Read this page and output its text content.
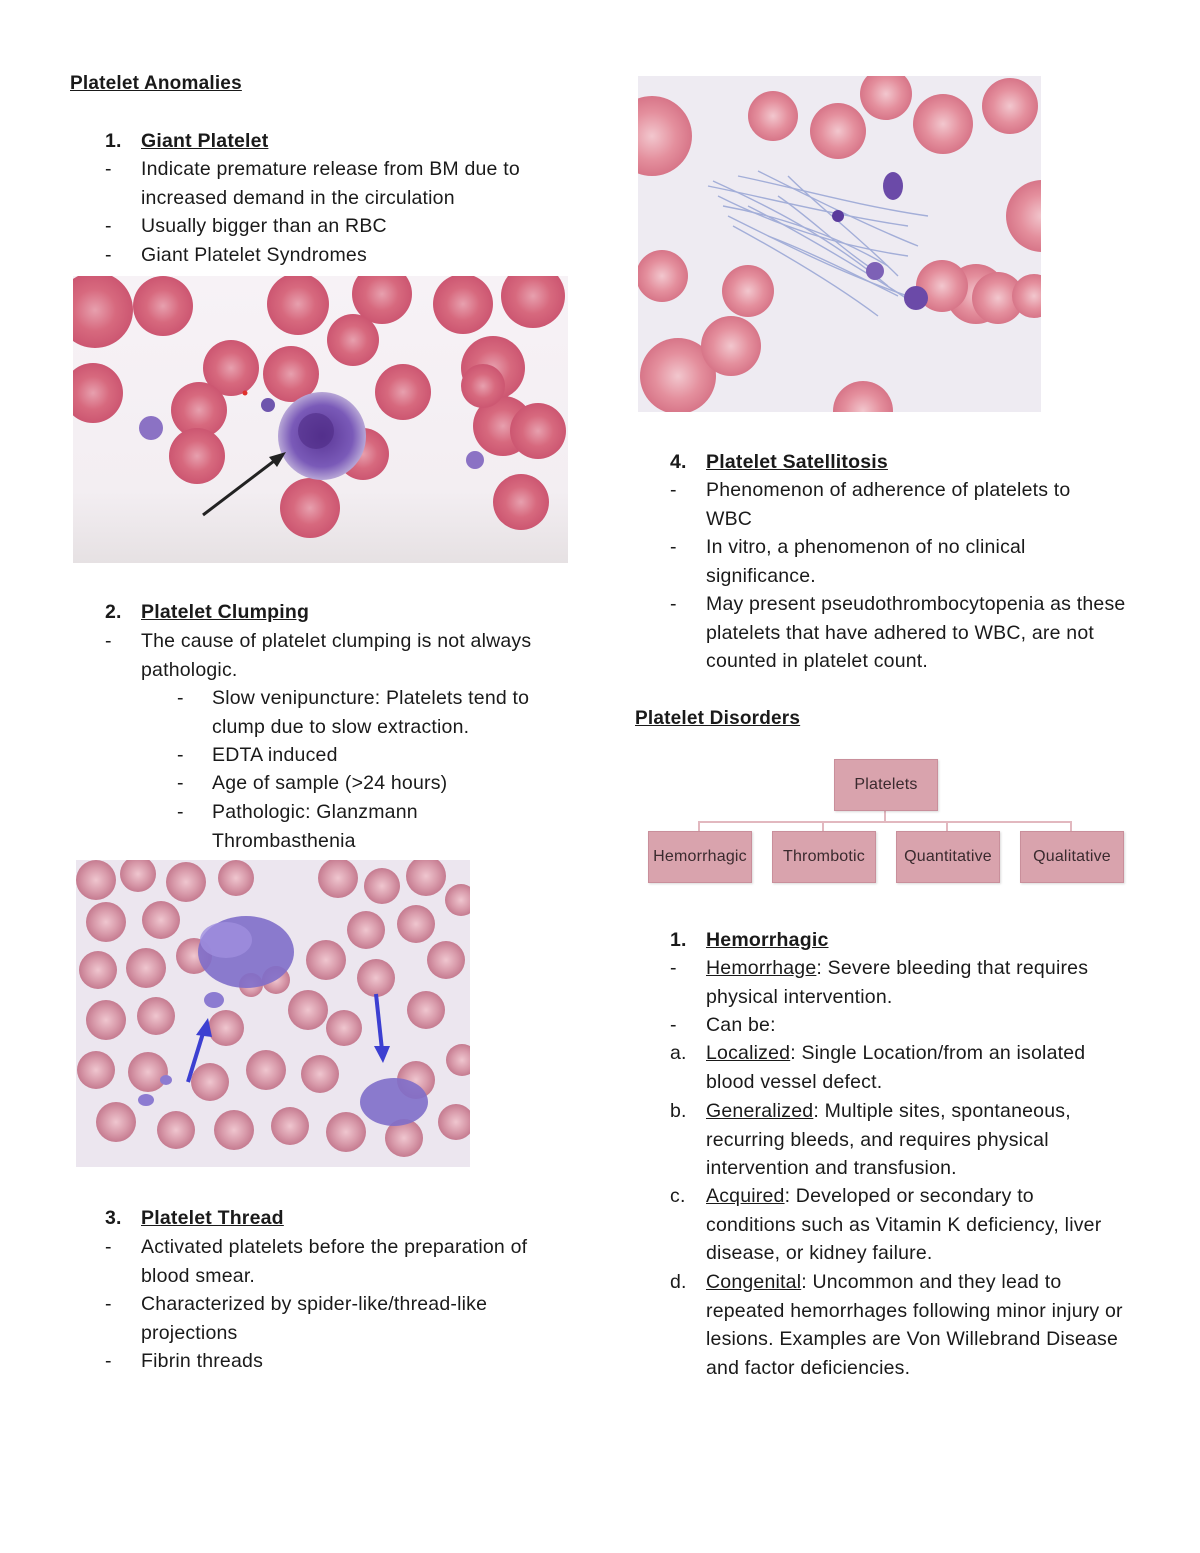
Platelet Anomalies
1. Giant Platelet
- Indicate premature release from BM due to increased demand in the circulation
- Usually bigger than an RBC
- Giant Platelet Syndromes
2. Platelet Clumping
- The cause of platelet clumping is not always pathologic.
- Slow venipuncture: Platelets tend to clump due to slow extraction.
- EDTA induced
- Age of sample (>24 hours)
- Pathologic: Glanzmann Thrombasthenia
3. Platelet Thread
- Activated platelets before the preparation of blood smear.
- Characterized by spider-like/thread-like projections
- Fibrin threads
4. Platelet Satellitosis
- Phenomenon of adherence of platelets to WBC
- In vitro, a phenomenon of no clinical significance.
- May present pseudothrombocytopenia as these platelets that have adhered to WBC, are not counted in platelet count.
Platelet Disorders
Platelets
Hemorrhagic	Thrombotic	Quantitative	Qualitative
1. Hemorrhagic
- Hemorrhage: Severe bleeding that requires physical intervention.
- Can be:
a. Localized: Single Location/from an isolated blood vessel defect.
b. Generalized: Multiple sites, spontaneous, recurring bleeds, and requires physical intervention and transfusion.
c. Acquired: Developed or secondary to conditions such as Vitamin K deficiency, liver disease, or kidney failure.
d. Congenital: Uncommon and they lead to repeated hemorrhages following minor injury or lesions. Examples are Von Willebrand Disease and factor deficiencies.
